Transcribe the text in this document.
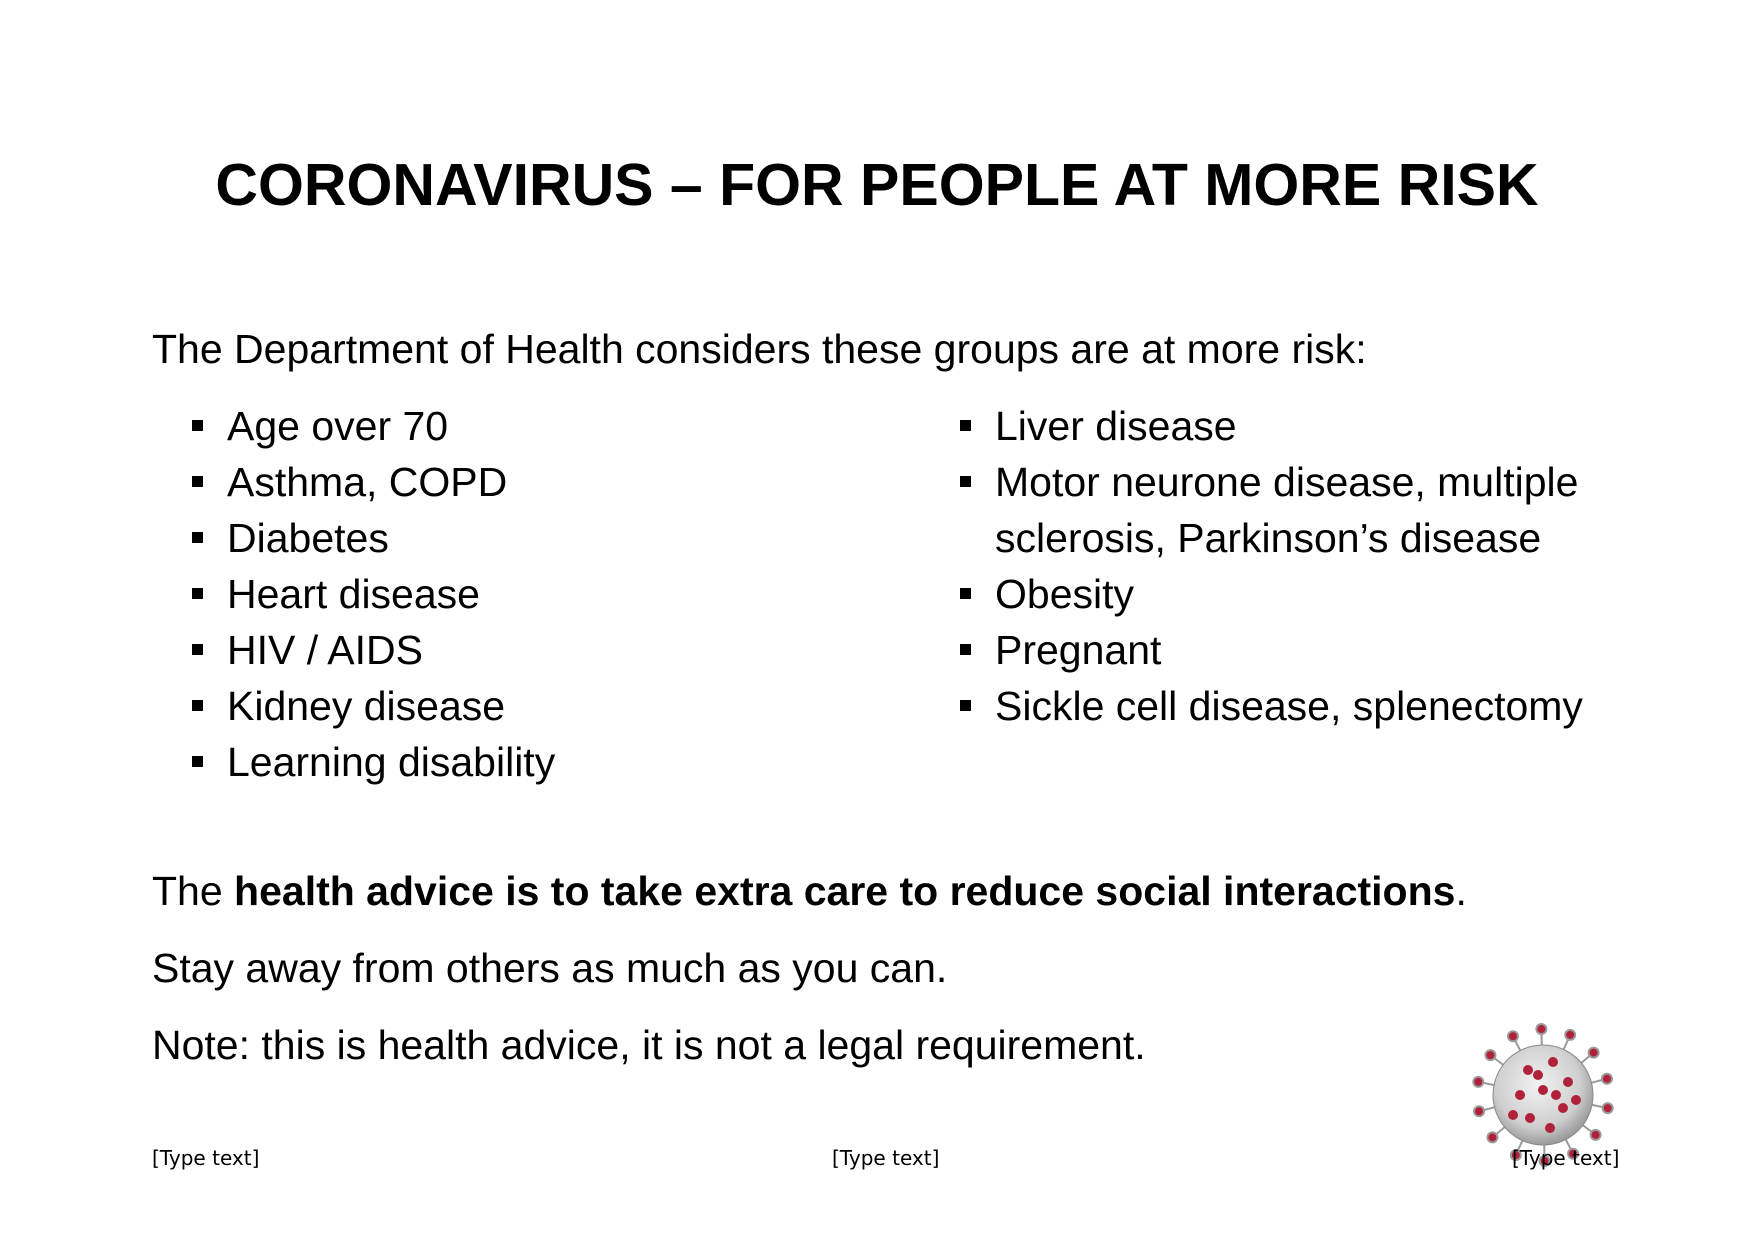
CORONAVIRUS – FOR PEOPLE AT MORE RISK
The Department of Health considers these groups are at more risk:
Age over 70
Asthma, COPD
Diabetes
Heart disease
HIV / AIDS
Kidney disease
Learning disability
Liver disease
Motor neurone disease, multiple
sclerosis, Parkinson’s disease
Obesity
Pregnant
Sickle cell disease, splenectomy
The health advice is to take extra care to reduce social interactions.
Stay away from others as much as you can.
Note: this is health advice, it is not a legal requirement.
[Type text]	[Type text]	[Type text]
